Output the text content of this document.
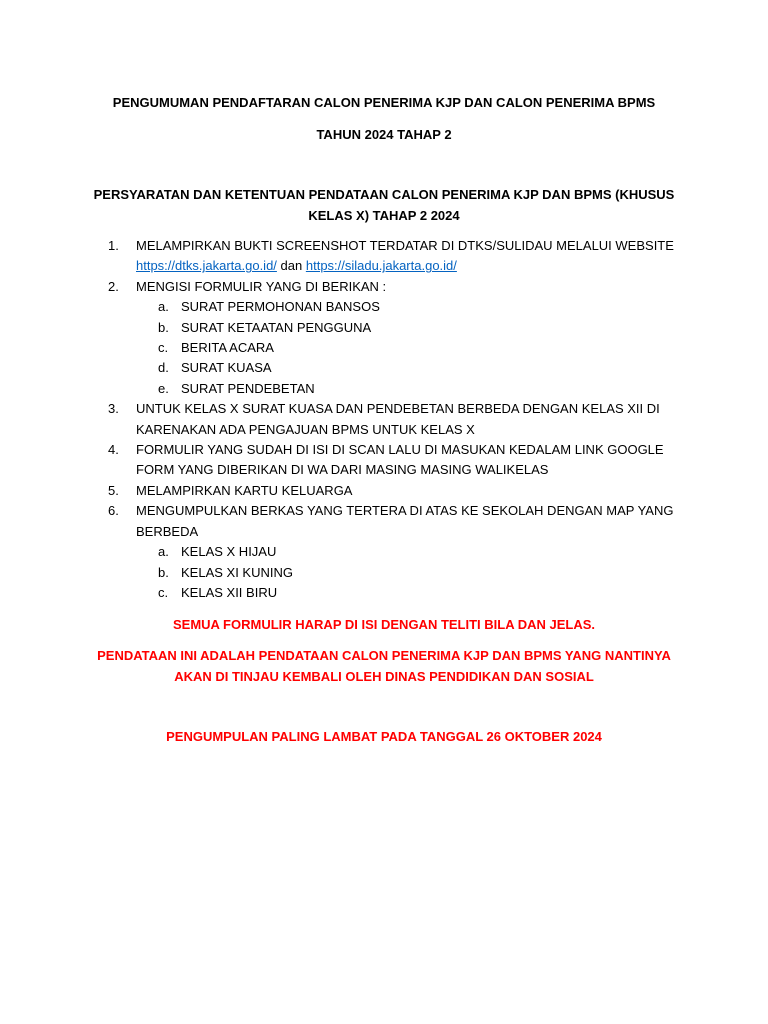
PENGUMUMAN PENDAFTARAN CALON PENERIMA KJP DAN CALON PENERIMA BPMS
TAHUN 2024 TAHAP 2
PERSYARATAN DAN KETENTUAN PENDATAAN CALON PENERIMA KJP DAN BPMS (KHUSUS KELAS X) TAHAP 2 2024
1. MELAMPIRKAN BUKTI SCREENSHOT TERDATAR DI DTKS/SULIDAU MELALUI WEBSITE
https://dtks.jakarta.go.id/ dan https://siladu.jakarta.go.id/
2. MENGISI FORMULIR YANG DI BERIKAN :
a. SURAT PERMOHONAN BANSOS
b. SURAT KETAATAN PENGGUNA
c. BERITA ACARA
d. SURAT KUASA
e. SURAT PENDEBETAN
3. UNTUK KELAS X SURAT KUASA DAN PENDEBETAN BERBEDA DENGAN KELAS XII DI KARENAKAN ADA PENGAJUAN BPMS UNTUK KELAS X
4. FORMULIR YANG SUDAH DI ISI DI SCAN LALU DI MASUKAN KEDALAM LINK GOOGLE FORM YANG DIBERIKAN DI WA DARI MASING MASING WALIKELAS
5. MELAMPIRKAN KARTU KELUARGA
6. MENGUMPULKAN BERKAS YANG TERTERA DI ATAS KE SEKOLAH DENGAN MAP YANG BERBEDA
a. KELAS X HIJAU
b. KELAS XI KUNING
c. KELAS XII BIRU
SEMUA FORMULIR HARAP DI ISI DENGAN TELITI BILA DAN JELAS.
PENDATAAN INI ADALAH PENDATAAN CALON PENERIMA KJP DAN BPMS YANG NANTINYA AKAN DI TINJAU KEMBALI OLEH DINAS PENDIDIKAN DAN SOSIAL
PENGUMPULAN PALING LAMBAT PADA TANGGAL 26 OKTOBER 2024
